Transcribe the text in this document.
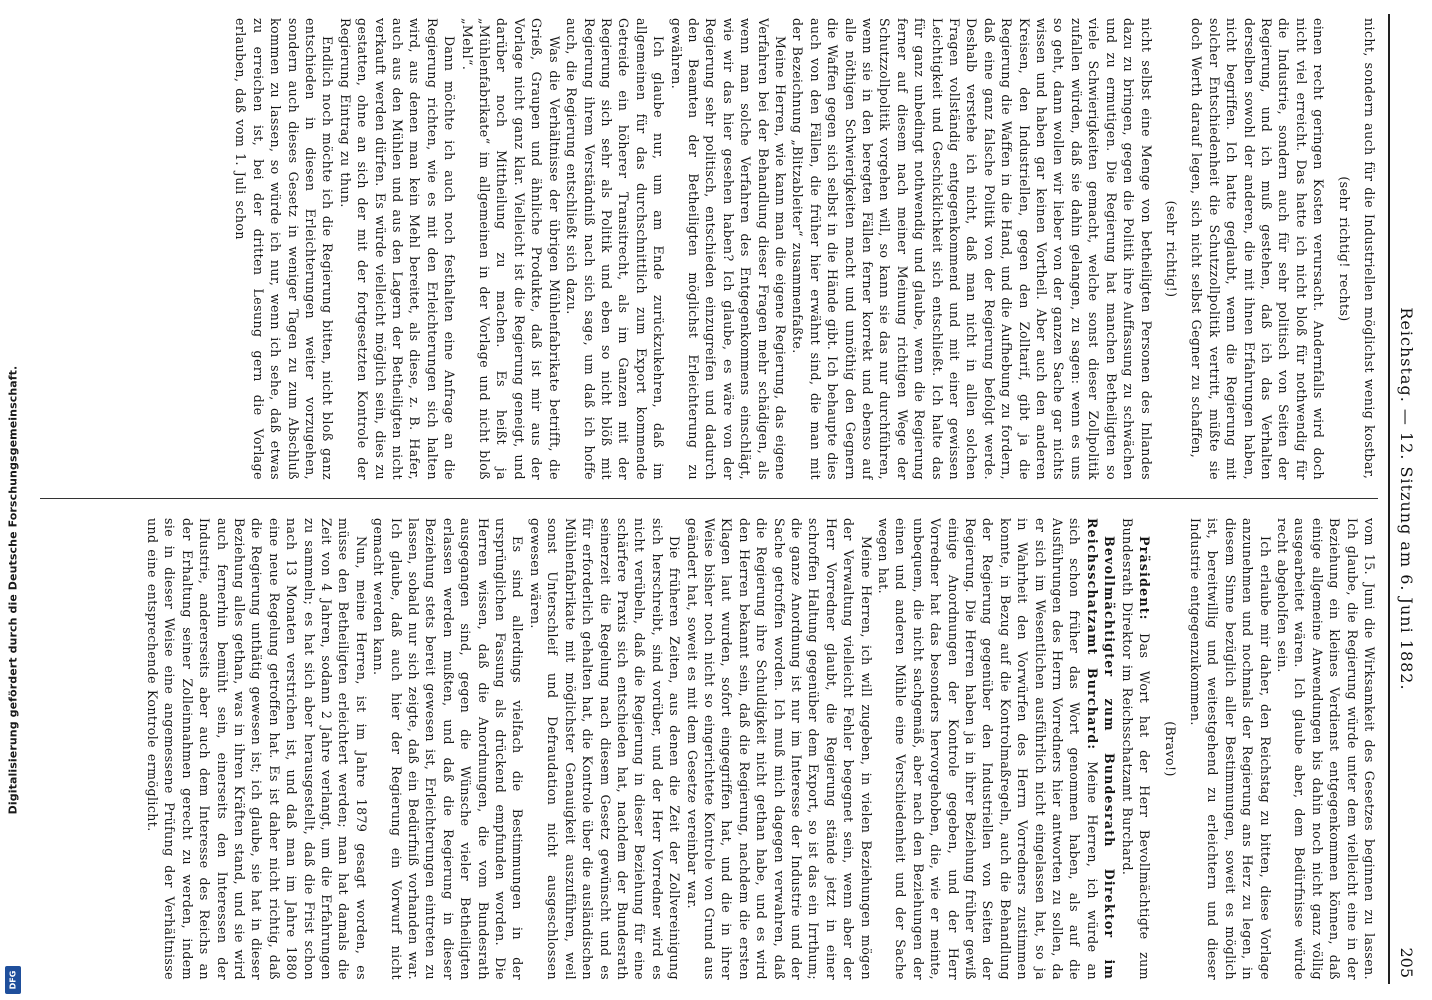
Digitalisierung gefördert durch die Deutsche Forschungsgemeinschaft.
DFG
Reichstag. — 12. Sitzung am 6. Juni 1882.
205

nicht, sondern auch für die Industriellen möglichst wenig kostbar,

(sehr richtig! rechts)

einen recht geringen Kosten verursacht. Andernfalls wird doch nicht viel erreicht. Das hatte ich nicht bloß für nothwendig für die Industrie, sondern auch für sehr politisch von Seiten der Regierung, und ich muß gestehen, daß ich das Verhalten derselben sowohl der anderen, die mit ihnen Erfahrungen haben, nicht begriffen. Ich hatte geglaubt, wenn die Regierung mit solcher Entschiedenheit die Schutzzollpolitik vertritt, müßte sie doch Werth darauf legen, sich nicht selbst Gegner zu schaffen,

(sehr richtig!)

nicht selbst eine Menge von betheiligten Personen des Inlandes dazu zu bringen, gegen die Politik ihre Auffassung zu schwächen und zu ermutigen. Die Regierung hat manchen Betheiligten so viele Schwierigkeiten gemacht, welche sonst dieser Zollpolitik zufallen würden, daß sie dahin gelangen, zu sagen: wenn es uns so geht, dann wollen wir lieber von der ganzen Sache gar nichts wissen und haben gar keinen Vortheil. Aber auch den anderen Kreisen, den Industriellen, gegen den Zolltarif, gibt ja die Regierung die Waffen in die Hand, und die Aufhebung zu fordern, daß eine ganz falsche Politik von der Regierung befolgt werde. Deshalb verstehe ich nicht, daß man nicht in allen solchen Fragen vollständig entgegenkommend und mit einer gewissen Leichtigkeit und Geschicklichkeit sich entschließt. Ich halte das für ganz unbedingt nothwendig und glaube, wenn die Regierung ferner auf diesem nach meiner Meinung richtigen Wege der Schutzzollpolitik vorgehen will, so kann sie das nur durchführen, wenn sie in den beregten Fällen ferner korrekt und ebenso auf alle nöthigen Schwierigkeiten macht und unnöthig den Gegnern die Waffen gegen sich selbst in die Hände gibt. Ich behaupte dies auch von den Fällen, die früher hier erwähnt sind, die man mit der Bezeichnung „Blitzableiter“ zusammenfaßte.

Meine Herren, wie kann man die eigene Regierung, das eigene Verfahren bei der Behandlung dieser Fragen mehr schädigen, als wenn man solche Verfahren des Entgegenkommens einschlägt, wie wir das hier gesehen haben? Ich glaube, es wäre von der Regierung sehr politisch, entschieden einzugreifen und dadurch den Beamten der Betheiligten möglichst Erleichterung zu gewähren.

Ich glaube nur, um am Ende zurückzukehren, daß im allgemeinen für das durchschnittlich zum Export kommende Getreide ein höherer Transitrecht, als im Ganzen mit der Regierung sich sehr als Politik und eben so nicht blöß mit Regierung ihrem Verständniß nach sich sage, um daß ich hoffe auch, die Regierung entschließt sich dazu.

Was die Verhältnisse der übrigen Mühlenfabrikate betrifft, die Grieß, Graupen und ähnliche Produkte, daß ist mir aus der Vorlage nicht ganz klar. Vielleicht ist die Regierung geneigt, und darüber noch Mittheilung zu machen. Es heißt ja „Mühlenfabrikate“ im allgemeinen in der Vorlage und nicht bloß „Mehl“.

Dann möchte ich auch noch festhalten eine Anfrage an die Regierung richten, wie es mit den Erleichterungen sich halten wird, aus denen man kein Mehl bereitet, als diese, z. B. Hafer, auch aus den Mühlen und aus den Lagern der Betheiligten nicht verkauft werden dürfen. Es würde vielleicht möglich sein, dies zu gestatten, ohne an sich der mit der fortgesetzten Kontrole der Regierung Eintrag zu thun.

Endlich noch möchte ich die Regierung bitten, nicht bloß ganz entschieden in diesen Erleichterungen weiter vorzugehen, sondern auch dieses Gesetz in weniger Tagen zu zum Abschluß kommen zu lassen, so würde ich nur, wenn ich sehe, daß etwas zu erreichen ist, bei der dritten Lesung gern die Vorlage erlauben, daß vom 1. Juli schon

vom 15. Juni die Wirksamkeit des Gesetzes beginnen zu lassen. Ich glaube, die Regierung würde unter dem vielleicht eine in der Beziehung ein kleines Verdienst entgegenkommen können, daß einige allgemeine Anwendungen bis dahin noch nicht ganz völlig ausgearbeitet wären. Ich glaube aber, dem Bedürfnisse würde recht abgeholfen sein.

Ich erlaube mir daher, den Reichstag zu bitten, diese Vorlage anzunehmen und nochmals der Regierung ans Herz zu legen, in diesem Sinne bezüglich aller Bestimmungen, soweit es möglich ist, bereitwillig und weitestgehend zu erleichtern und dieser Industrie entgegenzukommen.

(Bravo!)

Präsident: Das Wort hat der Herr Bevollmächtigte zum Bundesrath Direktor im Reichsschatzamt Burchard.

Bevollmächtigter zum Bundesrath Direktor im Reichsschatzamt Burchard: Meine Herren, ich würde an sich schon früher das Wort genommen haben, als auf die Ausführungen des Herrn Vorredners hier antworten zu sollen, da er sich im Wesentlichen ausführlich nicht eingelassen hat, so ja in Wahrheit den Vorwürfen des Herrn Vorredners zustimmen konnte, in Bezug auf die Kontrolmaßregeln, auch die Behandlung der Regierung gegenüber den Industriellen von Seiten der Regierung. Die Herren haben ja in ihrer Beziehung früher gewiß einige Anordnungen der Kontrole gegeben, und der Herr Vorredner hat das besonders hervorgehoben, die, wie er meinte, unbequem, die nicht sachgemäß, aber nach den Beziehungen der einen und anderen Mühle eine Verschiedenheit und der Sache wegen hat.

Meine Herren, ich will zugeben, in vielen Beziehungen mögen der Verwaltung vielleicht Fehler begegnet sein, wenn aber der Herr Vorredner glaubt, die Regierung stände jetzt in einer schroffen Haltung gegenüber dem Export, so ist das ein Irrthum; die ganze Anordnung ist nur im Interesse der Industrie und der Sache getroffen worden. Ich muß mich dagegen verwahren, daß die Regierung ihre Schuldigkeit nicht gethan habe, und es wird den Herren bekannt sein, daß die Regierung, nachdem die ersten Klagen laut wurden, sofort eingegriffen hat, und die in ihrer Weise bisher noch nicht so eingerichtete Kontrole von Grund aus geändert hat, soweit es mit dem Gesetze vereinbar war.

Die früheren Zeiten, aus denen die Zeit der Zollvereinigung sich herschreibt, sind vorüber, und der Herr Vorredner wird es nicht verübeln, daß die Regierung in dieser Beziehung für eine schärfere Praxis sich entschieden hat, nachdem der Bundesrath seinerzeit die Regelung nach diesem Gesetz gewünscht und es für erforderlich gehalten hat, die Kontrole über die ausländischen Mühlenfabrikate mit möglichster Genauigkeit auszuführen, weil sonst Unterschleif und Defraudation nicht ausgeschlossen gewesen wären.

Es sind allerdings vielfach die Bestimmungen in der ursprünglichen Fassung als drückend empfunden worden. Die Herren wissen, daß die Anordnungen, die vom Bundesrath ausgegangen sind, gegen die Wünsche vieler Betheiligten erlassen werden mußten, und daß die Regierung in dieser Beziehung stets bereit gewesen ist, Erleichterungen eintreten zu lassen, sobald nur sich zeigte, daß ein Bedürfniß vorhanden war. Ich glaube, daß auch hier der Regierung ein Vorwurf nicht gemacht werden kann.

Nun, meine Herren, ist im Jahre 1879 gesagt worden, es müsse den Betheiligten erleichtert werden; man hat damals die Zeit von 4 Jahren, sodann 2 Jahre verlangt, um die Erfahrungen zu sammeln; es hat sich aber herausgestellt, daß die Frist schon nach 13 Monaten verstrichen ist, und daß man im Jahre 1880 eine neue Regelung getroffen hat. Es ist daher nicht richtig, daß die Regierung unthätig gewesen ist; ich glaube, sie hat in dieser Beziehung alles gethan, was in ihren Kräften stand, und sie wird auch fernerhin bemüht sein, einerseits den Interessen der Industrie, andererseits aber auch dem Interesse des Reichs an der Erhaltung seiner Zolleinnahmen gerecht zu werden, indem sie in dieser Weise eine angemessene Prüfung der Verhältnisse und eine entsprechende Kontrole ermöglicht.
